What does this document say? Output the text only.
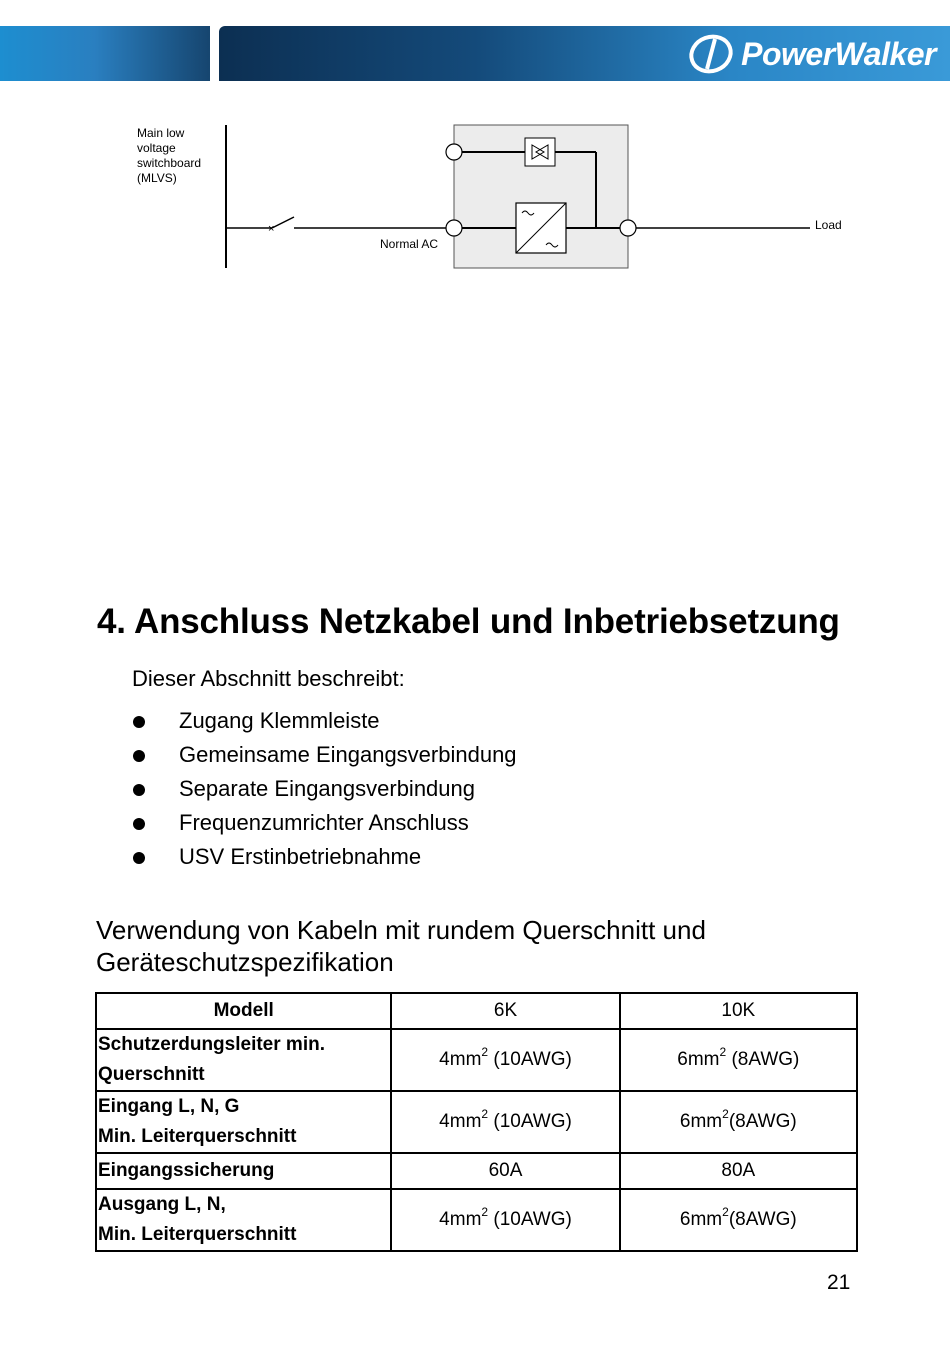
PowerWalker
×
Main low
voltage
switchboard
(MLVS)
Normal AC
Load
4. Anschluss Netzkabel und Inbetriebsetzung
Dieser Abschnitt beschreibt:
Zugang Klemmleiste
Gemeinsame Eingangsverbindung
Separate Eingangsverbindung
Frequenzumrichter Anschluss
USV Erstinbetriebnahme
Verwendung von Kabeln mit rundem Querschnitt und Geräteschutzspezifikation
Modell	6K	10K

Schutzerdungsleiter min.
Querschnitt	$4mm^2$ (10AWG)	$6mm^2$ (8AWG)

Eingang L, N, G
Min. Leiterquerschnitt	$4mm^2$ (10AWG)	$6mm^2(8AWG)$

Eingangssicherung	60A	80A

Ausgang L, N,
Min. Leiterquerschnitt	$4mm^2$ (10AWG)	$6mm^2(8AWG)$
21
